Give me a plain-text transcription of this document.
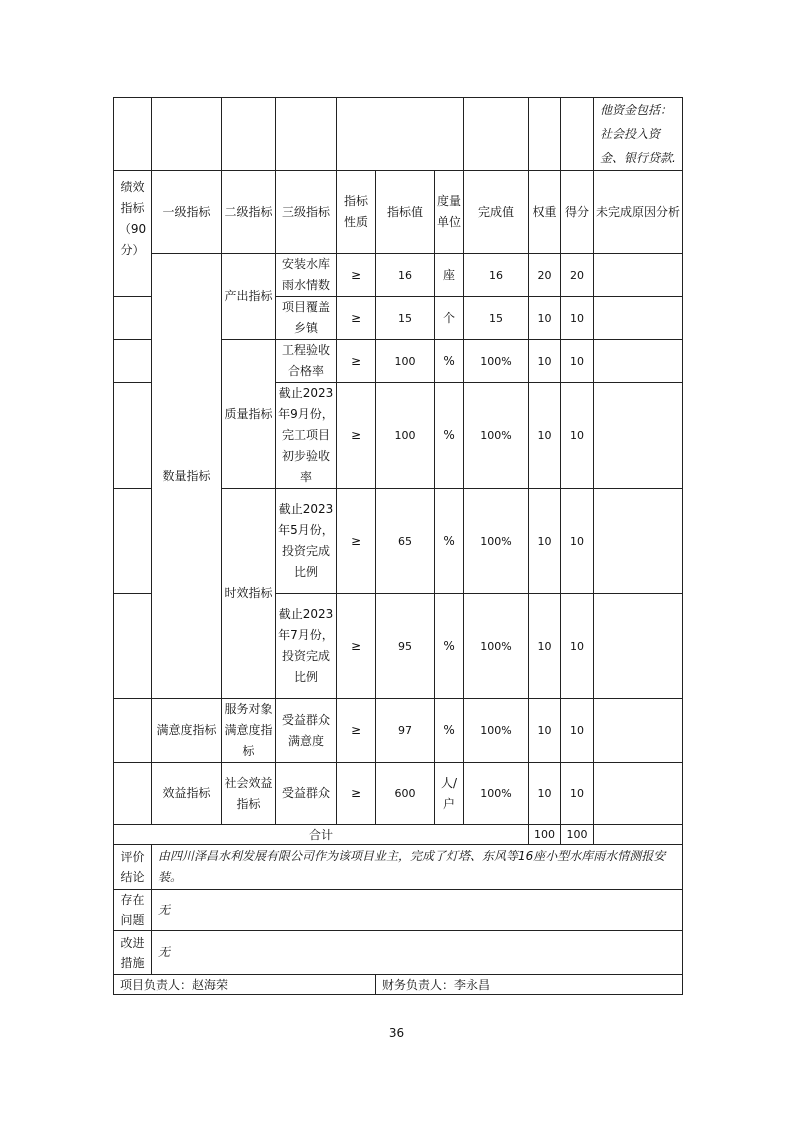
										他资金包括：社会投入资金、银行贷款.
绩效指标（90分）	一级指标	二级指标	三级指标	指标性质	指标值	度量单位	完成值	权重	得分	未完成原因分析
	数量指标	产出指标	安装水库雨水情数	≥	16	座	16	20	20	
			项目覆盖乡镇	≥	15	个	15	10	10	
		质量指标	工程验收合格率	≥	100	%	100%	10	10	
			截止2023年9月份，完工项目初步验收率	≥	100	%	100%	10	10	
		时效指标	截止2023年5月份，投资完成比例	≥	65	%	100%	10	10	
			截止2023年7月份，投资完成比例	≥	95	%	100%	10	10	
	满意度指标	服务对象满意度指标	受益群众满意度	≥	97	%	100%	10	10	
	效益指标	社会效益指标	受益群众	≥	600	人/户	100%	10	10	
合计								100	100	
评价结论	由四川泽昌水利发展有限公司作为该项目业主，完成了灯塔、东风等16座小型水库雨水情测报安装。									
存在问题	无									
改进措施	无									
项目负责人：赵海荣					财务负责人：李永昌					
36
